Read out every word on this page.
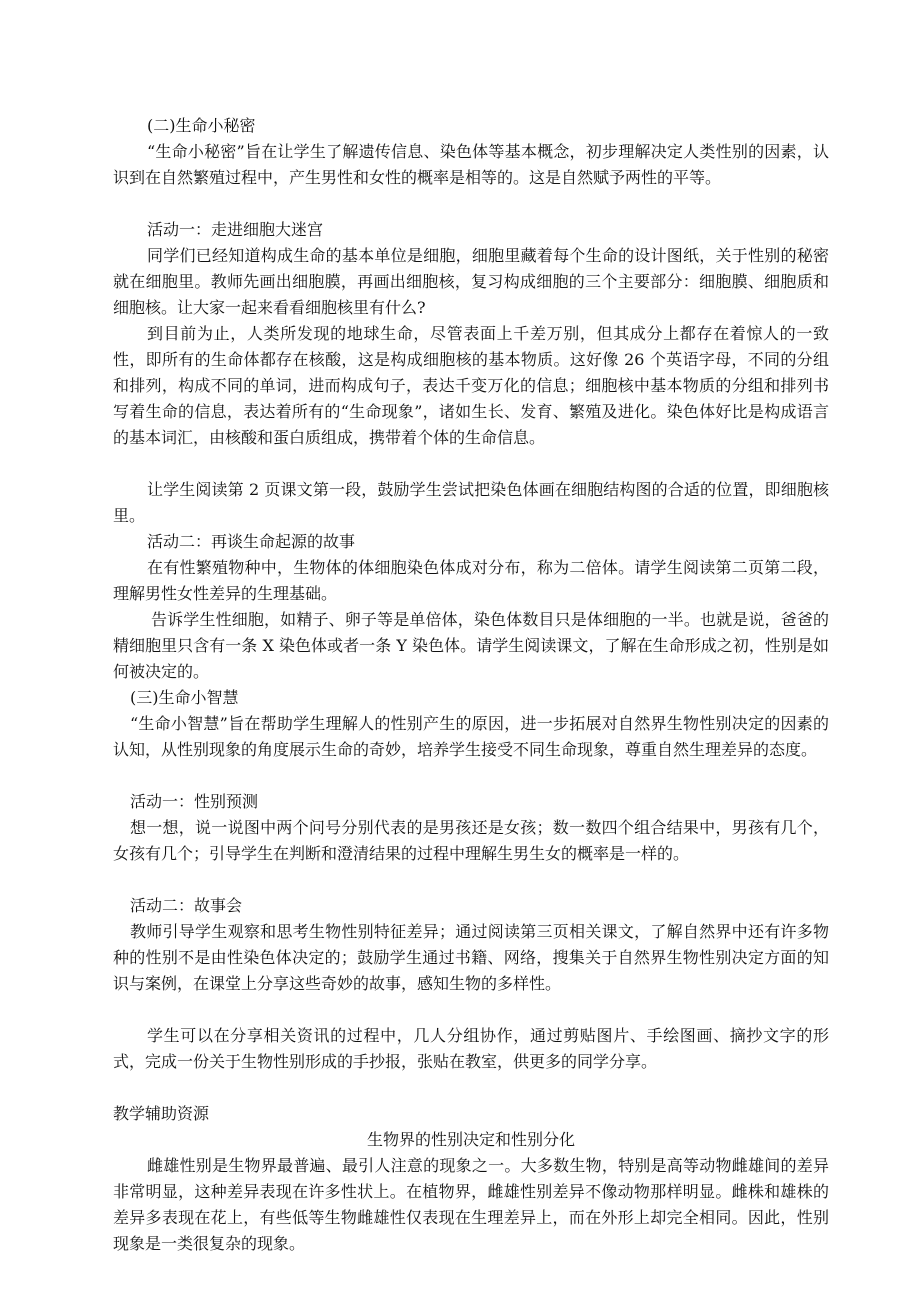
(二)生命小秘密

“生命小秘密”旨在让学生了解遗传信息、染色体等基本概念，初步理解决定人类性别的因素，认识到在自然繁殖过程中，产生男性和女性的概率是相等的。这是自然赋予两性的平等。

活动一：走进细胞大迷宫

同学们已经知道构成生命的基本单位是细胞，细胞里藏着每个生命的设计图纸，关于性别的秘密就在细胞里。教师先画出细胞膜，再画出细胞核，复习构成细胞的三个主要部分：细胞膜、细胞质和细胞核。让大家一起来看看细胞核里有什么?

到目前为止，人类所发现的地球生命，尽管表面上千差万别，但其成分上都存在着惊人的一致性，即所有的生命体都存在核酸，这是构成细胞核的基本物质。这好像 26 个英语字母，不同的分组和排列，构成不同的单词，进而构成句子，表达千变万化的信息；细胞核中基本物质的分组和排列书写着生命的信息，表达着所有的“生命现象”，诸如生长、发育、繁殖及进化。染色体好比是构成语言的基本词汇，由核酸和蛋白质组成，携带着个体的生命信息。

让学生阅读第 2 页课文第一段，鼓励学生尝试把染色体画在细胞结构图的合适的位置，即细胞核里。

活动二：再谈生命起源的故事

在有性繁殖物种中，生物体的体细胞染色体成对分布，称为二倍体。请学生阅读第二页第二段，理解男性女性差异的生理基础。

告诉学生性细胞，如精子、卵子等是单倍体，染色体数目只是体细胞的一半。也就是说，爸爸的精细胞里只含有一条 X 染色体或者一条 Y 染色体。请学生阅读课文，了解在生命形成之初，性别是如何被决定的。

(三)生命小智慧

“生命小智慧”旨在帮助学生理解人的性别产生的原因，进一步拓展对自然界生物性别决定的因素的认知，从性别现象的角度展示生命的奇妙，培养学生接受不同生命现象，尊重自然生理差异的态度。

活动一：性别预测

想一想，说一说图中两个问号分别代表的是男孩还是女孩；数一数四个组合结果中，男孩有几个，女孩有几个；引导学生在判断和澄清结果的过程中理解生男生女的概率是一样的。

活动二：故事会

教师引导学生观察和思考生物性别特征差异；通过阅读第三页相关课文，了解自然界中还有许多物种的性别不是由性染色体决定的；鼓励学生通过书籍、网络，搜集关于自然界生物性别决定方面的知识与案例，在课堂上分享这些奇妙的故事，感知生物的多样性。

学生可以在分享相关资讯的过程中，几人分组协作，通过剪贴图片、手绘图画、摘抄文字的形式，完成一份关于生物性别形成的手抄报，张贴在教室，供更多的同学分享。

教学辅助资源

生物界的性别决定和性别分化

雌雄性别是生物界最普遍、最引人注意的现象之一。大多数生物，特别是高等动物雌雄间的差异非常明显，这种差异表现在许多性状上。在植物界，雌雄性别差异不像动物那样明显。雌株和雄株的差异多表现在花上，有些低等生物雌雄性仅表现在生理差异上，而在外形上却完全相同。因此，性别现象是一类很复杂的现象。
